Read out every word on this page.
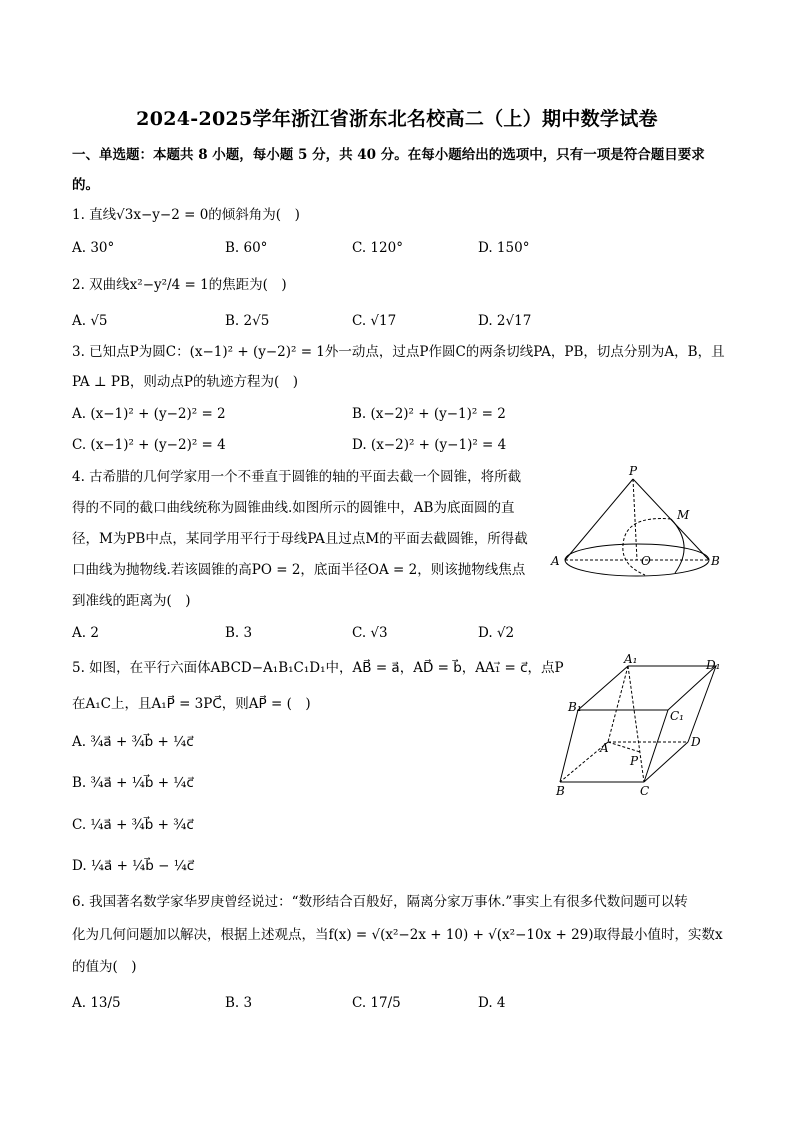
2024-2025学年浙江省浙东北名校高二（上）期中数学试卷
一、单选题：本题共 8 小题，每小题 5 分，共 40 分。在每小题给出的选项中，只有一项是符合题目要求
的。
1. 直线√3x−y−2 = 0的倾斜角为(　)
A. 30°	B. 60°	C. 120°	D. 150°
2. 双曲线x²−y²/4 = 1的焦距为(　)
A. √5	B. 2√5	C. √17	D. 2√17
3. 已知点P为圆C：(x−1)² + (y−2)² = 1外一动点，过点P作圆C的两条切线PA，PB，切点分别为A，B，且
PA ⊥ PB，则动点P的轨迹方程为(　)
A. (x−1)² + (y−2)² = 2	B. (x−2)² + (y−1)² = 2
C. (x−1)² + (y−2)² = 4	D. (x−2)² + (y−1)² = 4
4. 古希腊的几何学家用一个不垂直于圆锥的轴的平面去截一个圆锥，将所截
得的不同的截口曲线统称为圆锥曲线.如图所示的圆锥中，AB为底面圆的直
径，M为PB中点，某同学用平行于母线PA且过点M的平面去截圆锥，所得截
口曲线为抛物线.若该圆锥的高PO = 2，底面半径OA = 2，则该抛物线焦点
到准线的距离为(　)
A. 2	B. 3	C. √3	D. √2
P
M
A	O	B
5. 如图，在平行六面体ABCD−A₁B₁C₁D₁中，AB⃗ = a⃗，AD⃗ = b⃗，AA₁⃗ = c⃗，点P
在A₁C上，且A₁P⃗ = 3PC⃗，则AP⃗ = (　)
A. ¾a⃗ + ¾b⃗ + ¼c⃗
B. ¾a⃗ + ¼b⃗ + ¼c⃗
C. ¼a⃗ + ¾b⃗ + ¾c⃗
D. ¼a⃗ + ¼b⃗ − ¼c⃗
A₁	D₁
B₁
C₁
A	D
P
B	C
6. 我国著名数学家华罗庚曾经说过：“数形结合百般好，隔离分家万事休.”事实上有很多代数问题可以转
化为几何问题加以解决，根据上述观点，当f(x) = √(x²−2x + 10) + √(x²−10x + 29)取得最小值时，实数x
的值为(　)
A. 13/5	B. 3	C. 17/5	D. 4
